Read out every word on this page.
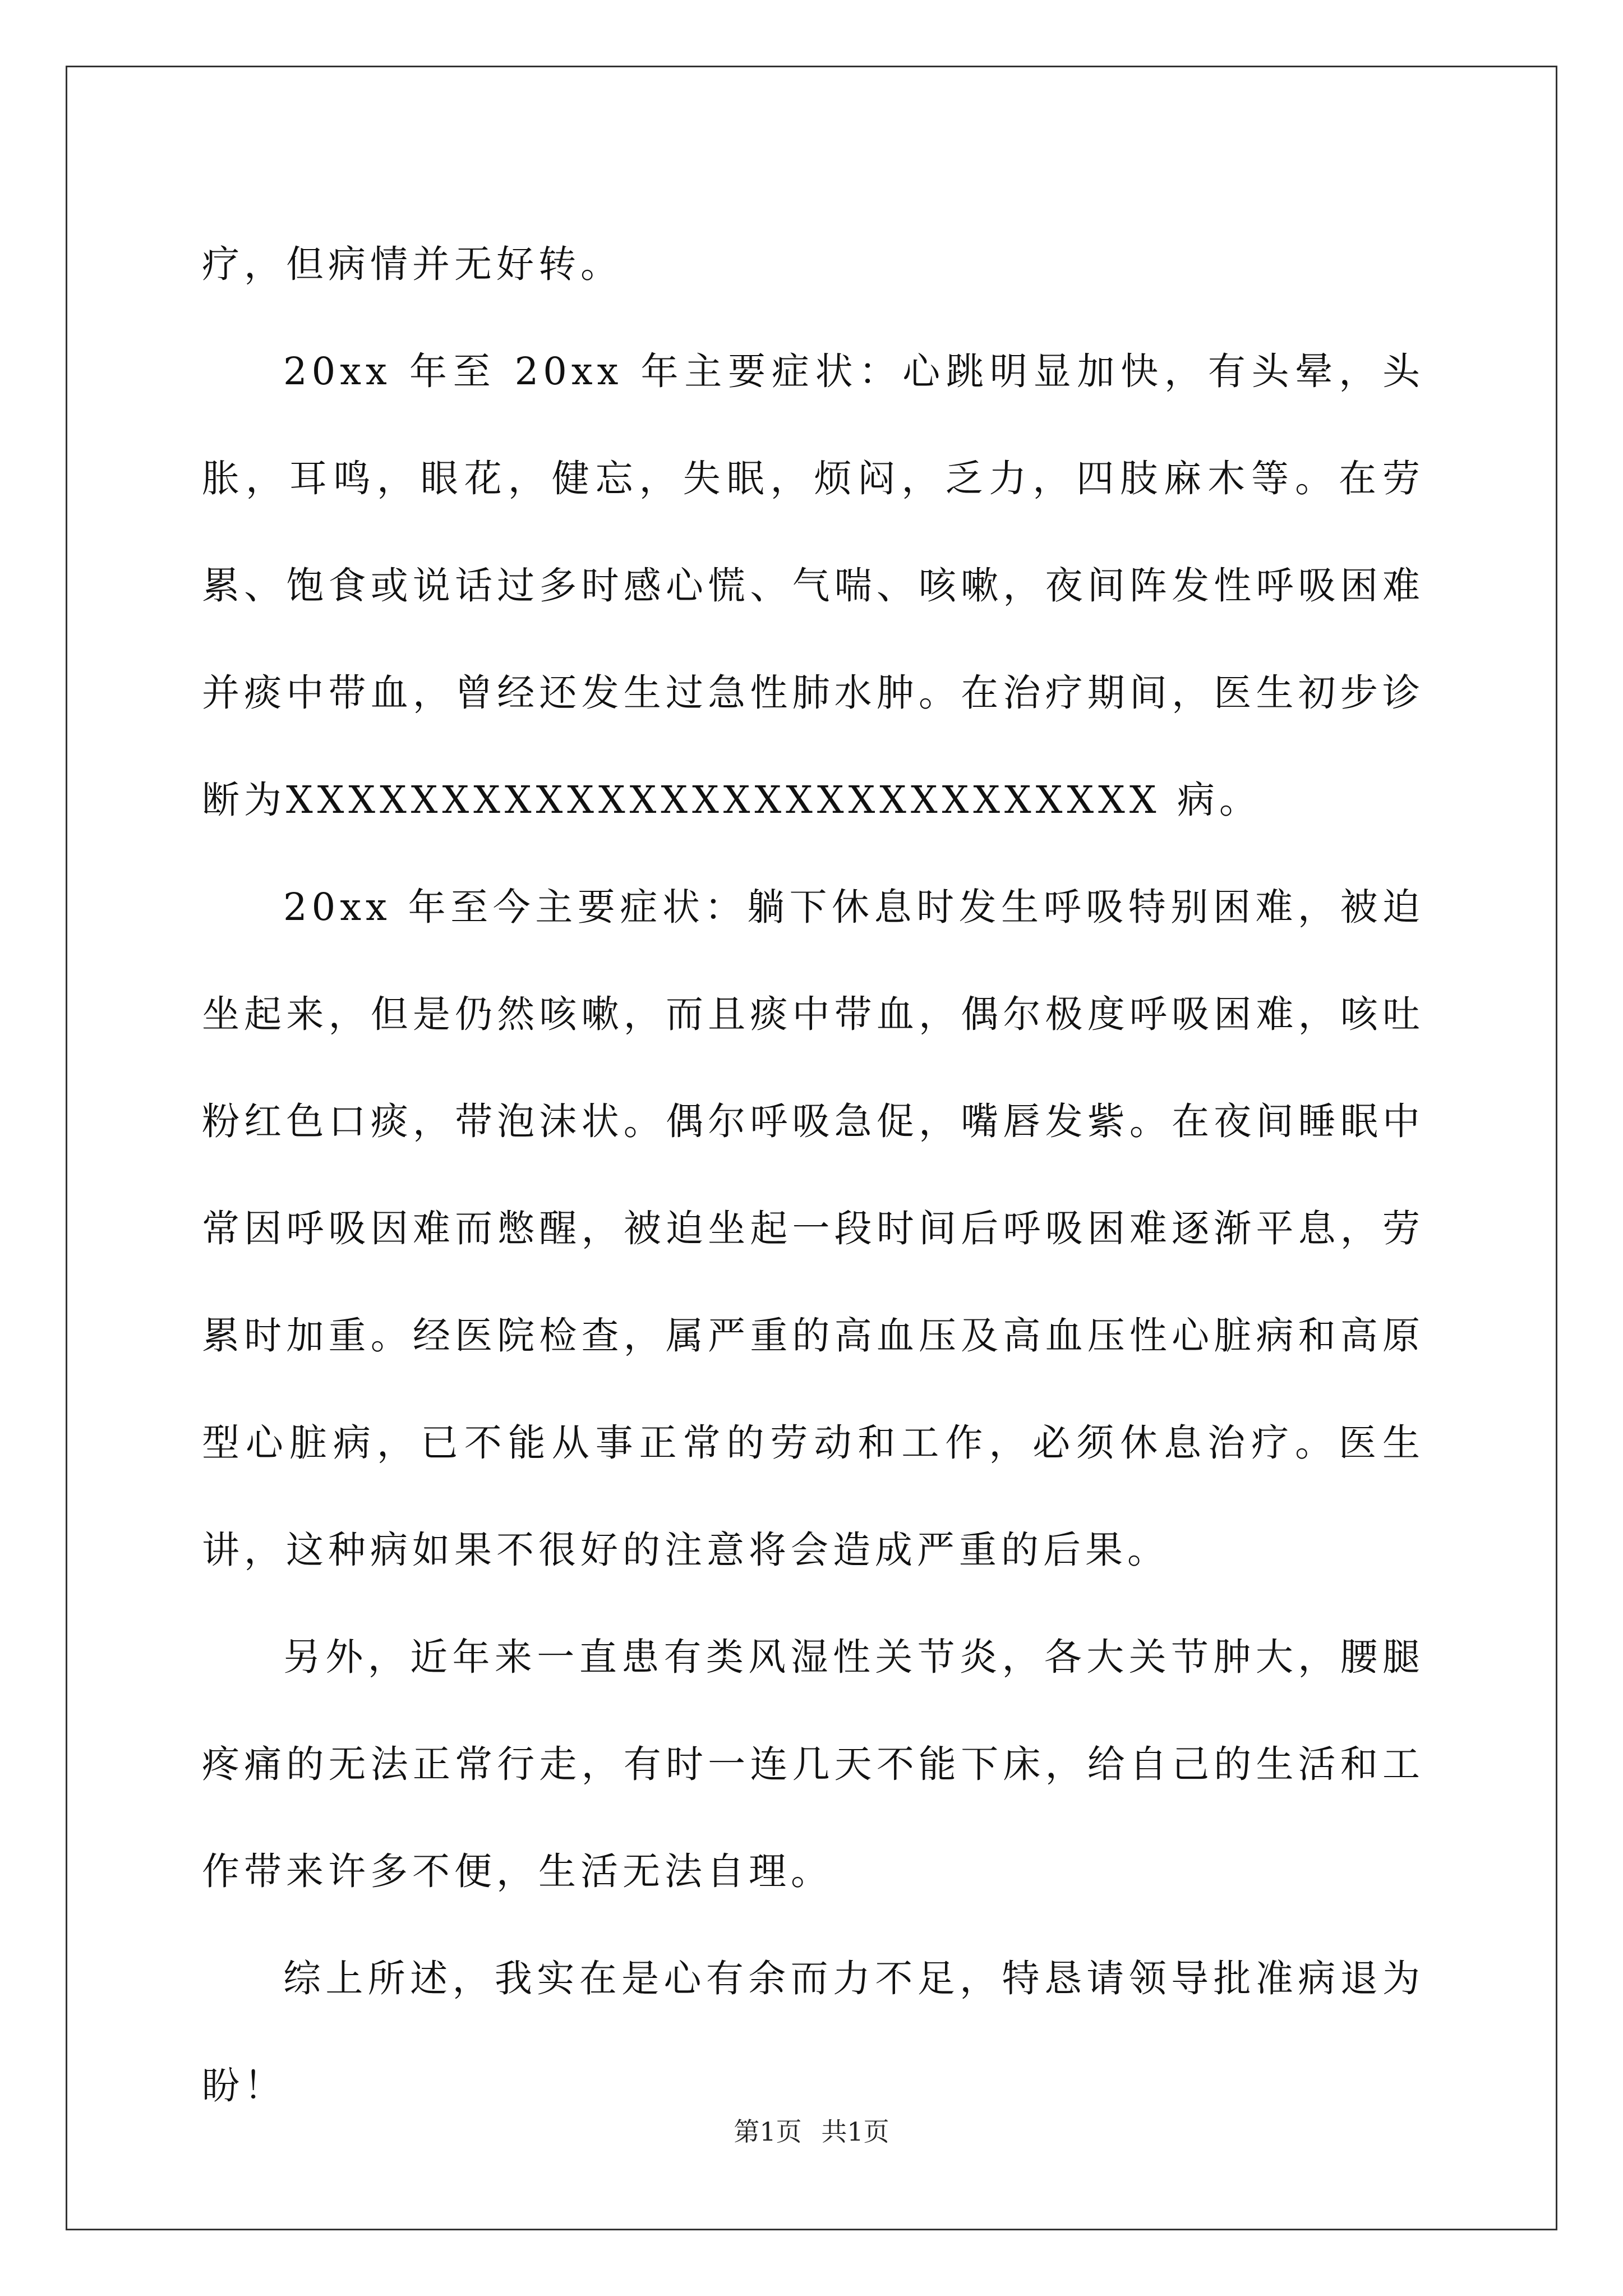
疗，但病情并无好转。

20xx 年至 20xx 年主要症状：心跳明显加快，有头晕，头胀，耳鸣，眼花，健忘，失眠，烦闷，乏力，四肢麻木等。在劳累、饱食或说话过多时感心慌、气喘、咳嗽，夜间阵发性呼吸困难并痰中带血，曾经还发生过急性肺水肿。在治疗期间，医生初步诊断为XXXXXXXXXXXXXXXXXXXXXXXXXXXX 病。

20xx 年至今主要症状：躺下休息时发生呼吸特别困难，被迫坐起来，但是仍然咳嗽，而且痰中带血，偶尔极度呼吸困难，咳吐粉红色口痰，带泡沫状。偶尔呼吸急促，嘴唇发紫。在夜间睡眠中常因呼吸因难而憋醒，被迫坐起一段时间后呼吸困难逐渐平息，劳累时加重。经医院检查，属严重的高血压及高血压性心脏病和高原型心脏病，已不能从事正常的劳动和工作，必须休息治疗。医生讲，这种病如果不很好的注意将会造成严重的后果。

另外，近年来一直患有类风湿性关节炎，各大关节肿大，腰腿疼痛的无法正常行走，有时一连几天不能下床，给自己的生活和工作带来许多不便，生活无法自理。

综上所述，我实在是心有余而力不足，特恳请领导批准病退为盼！

第1页 共1页
